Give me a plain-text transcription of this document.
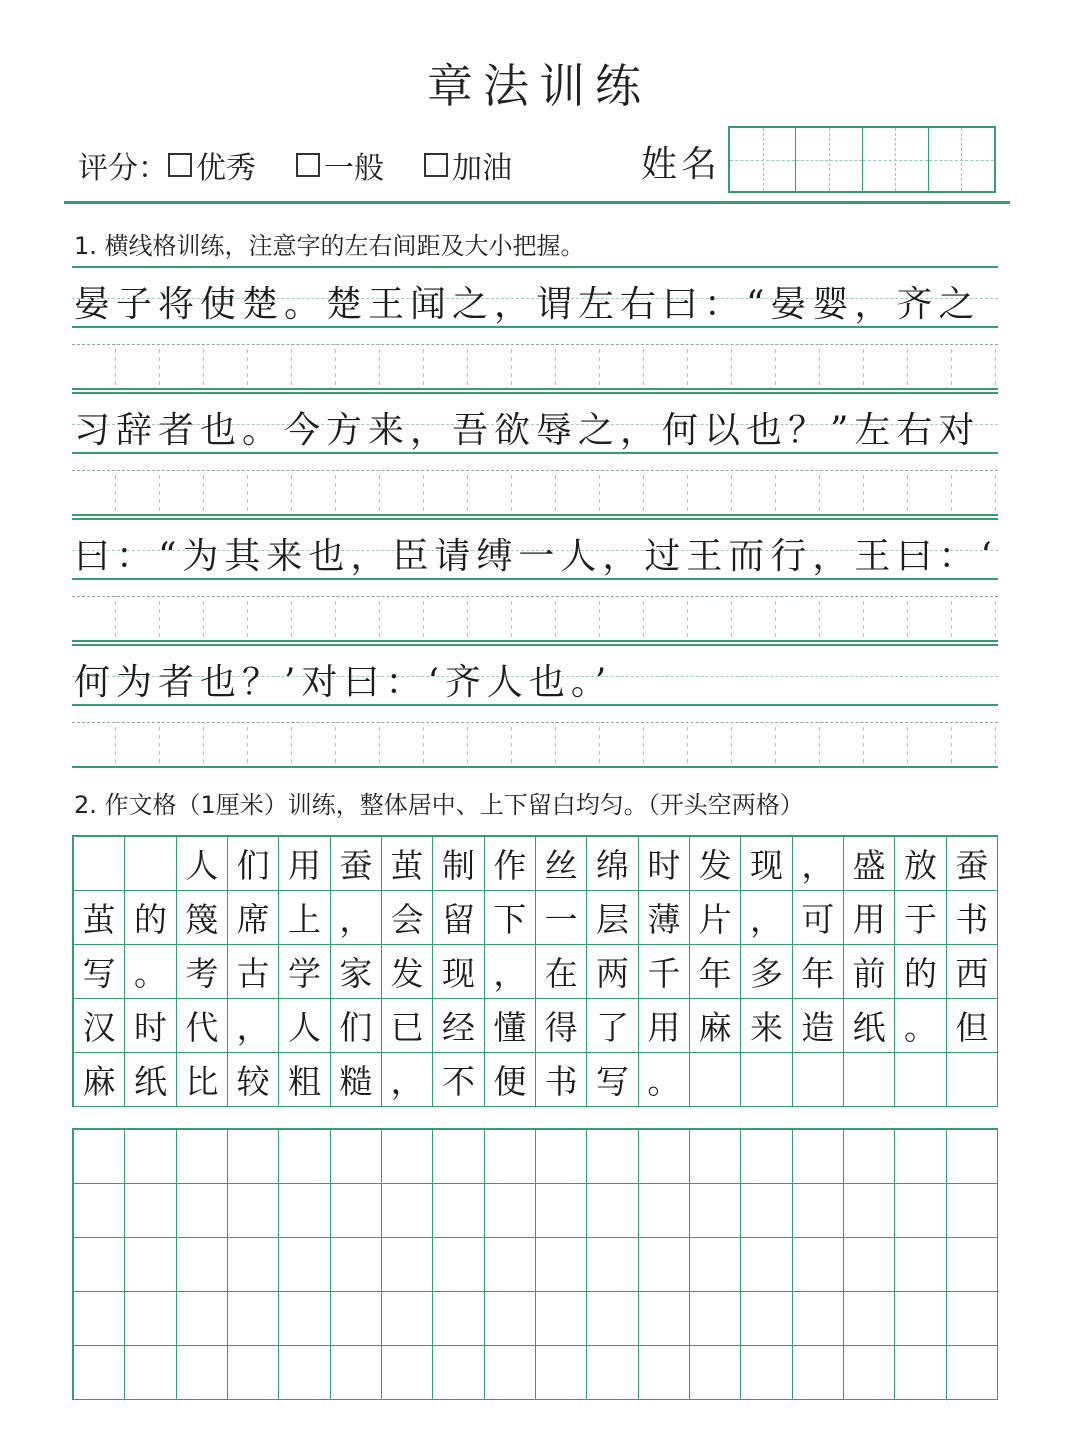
章法训练
评分： 优秀 一般 加油	姓名
1. 横线格训练，注意字的左右间距及大小把握。
晏子将使楚。楚王闻之，谓左右曰：“晏婴，齐之
习辞者也。今方来，吾欲辱之，何以也？”左右对
曰：“为其来也，臣请缚一人，过王而行，王曰：‘
何为者也？’对曰：‘齐人也。’
2. 作文格（1厘米）训练，整体居中、上下留白均匀。（开头空两格）
人 们 用 蚕 茧 制 作 丝 绵 时 发 现 ， 盛 放 蚕
茧 的 篾 席 上 ， 会 留 下 一 层 薄 片 ， 可 用 于 书
写 。 考 古 学 家 发 现 ， 在 两 千 年 多 年 前 的 西
汉 时 代 ， 人 们 已 经 懂 得 了 用 麻 来 造 纸 。 但
麻 纸 比 较 粗 糙 ， 不 便 书 写 。
